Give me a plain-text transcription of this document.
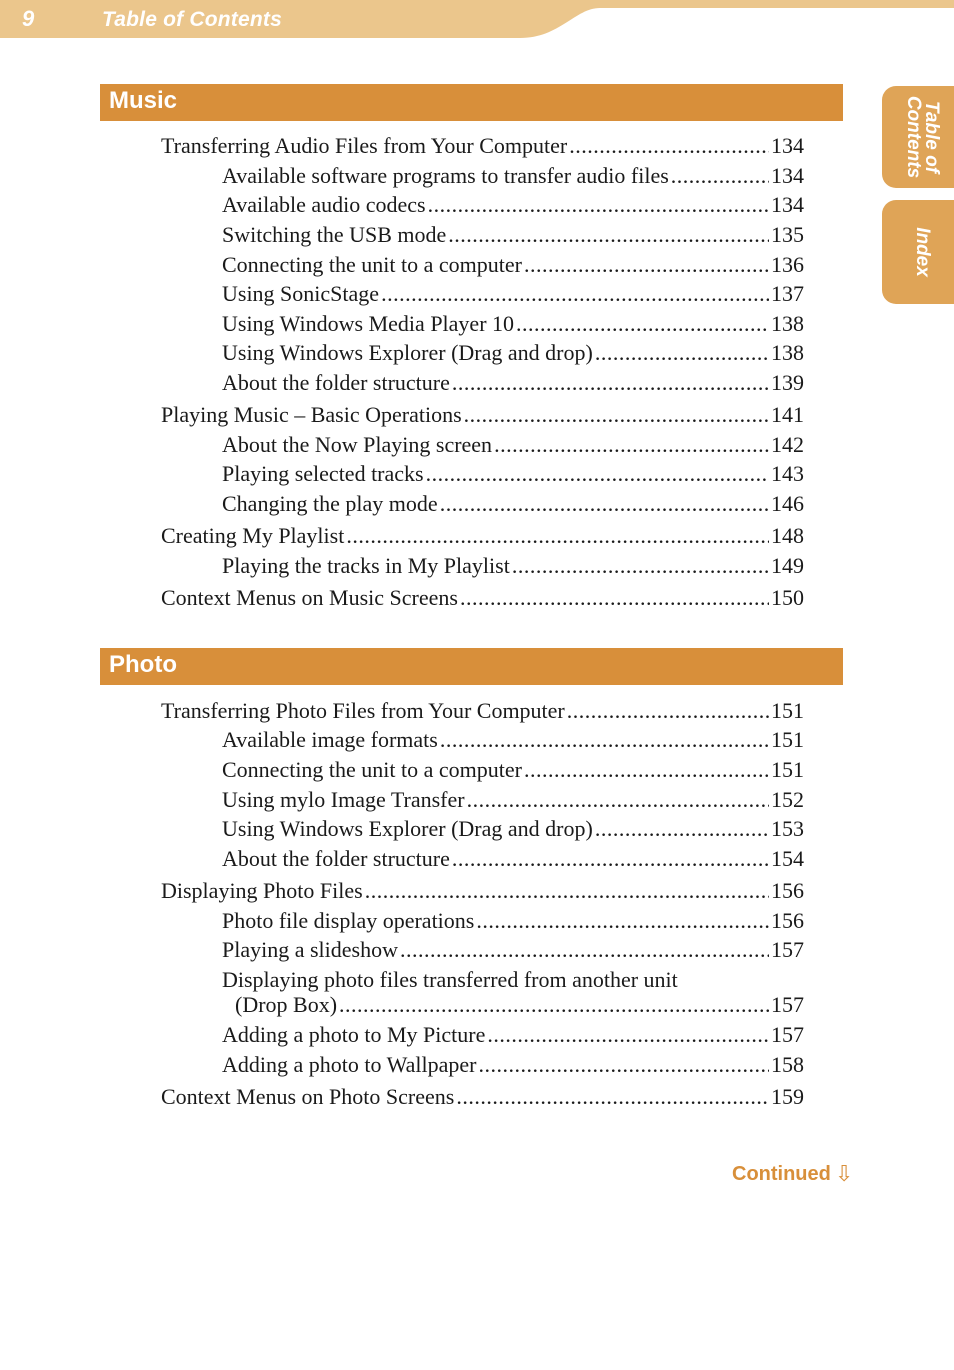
9	Table of Contents
Table of
Contents
Index
Music
Transferring Audio Files from Your Computer .....	134
Available software programs to transfer audio files .....	134
Available audio codecs .....	134
Switching the USB mode .....	135
Connecting the unit to a computer .....	136
Using SonicStage .....	137
Using Windows Media Player 10 .....	138
Using Windows Explorer (Drag and drop) .....	138
About the folder structure .....	139
Playing Music – Basic Operations .....	141
About the Now Playing screen .....	142
Playing selected tracks .....	143
Changing the play mode .....	146
Creating My Playlist .....	148
Playing the tracks in My Playlist .....	149
Context Menus on Music Screens .....	150
Photo
Transferring Photo Files from Your Computer .....	151
Available image formats .....	151
Connecting the unit to a computer .....	151
Using mylo Image Transfer .....	152
Using Windows Explorer (Drag and drop) .....	153
About the folder structure .....	154
Displaying Photo Files .....	156
Photo file display operations .....	156
Playing a slideshow .....	157
Displaying photo files transferred from another unit
(Drop Box) .....	157
Adding a photo to My Picture .....	157
Adding a photo to Wallpaper .....	158
Context Menus on Photo Screens .....	159
Continued ⇩
